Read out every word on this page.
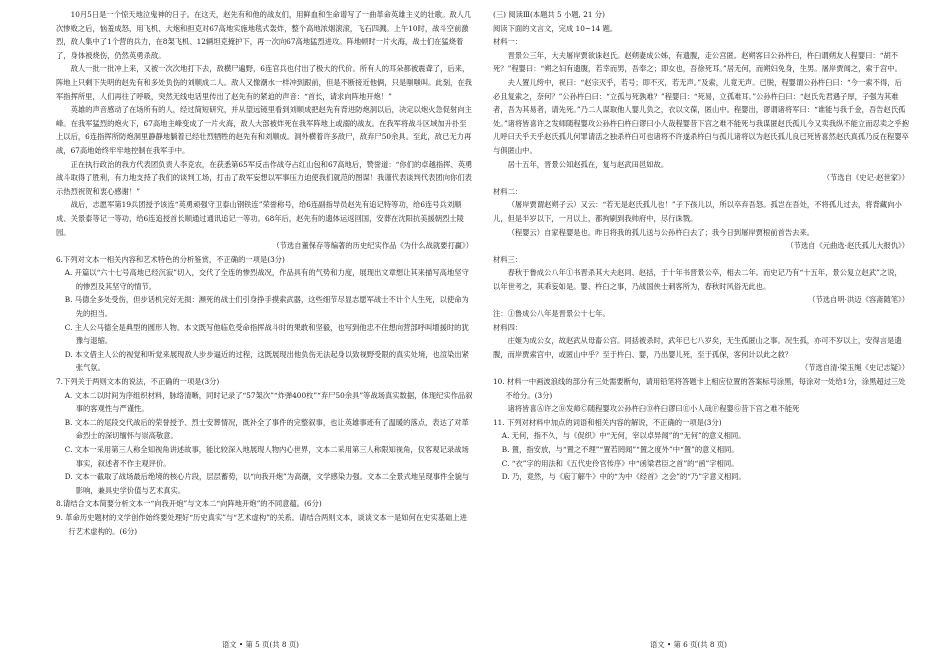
10月5日是一个惊天地泣鬼神的日子。在这天，赵先有和他的战友们，用鲜血和生命谱写了一曲革命英雄主义的壮歌。敌人几次惨败之后，恼羞成怒，用飞机、大炮和担克对67高地实施地毯式轰炸，整个高地浓烟滚滚，飞石四溅。上午10时，战斗空前激烈，敌人集中了1个营的兵力，在8架飞机、12辆坦克掩护下，再一次向67高地猛烈进攻。阵地顿时一片火海，战士们在猛烧着了，身体被烧伤，仍然英勇杀敌。

敌人一批一批冲上来，又被一次次地打下去，敌横尸遍野，6连官兵也付出了极大的代价。所有人的耳朵都被震聋了，后来，阵地上只剩下失明的赵先有和多处负伤的刘顺成二人。敌人又像潮水一样冲到跟前，但是不断接近他俩，只是嗤嗤叫。此刻，在我军指挥所里，人们再往了呼吸，突然无线电话里传出了赵先有的紧迫的声音：“首长，请求向阵地开炮！”

英雄的声音感动了在场所有的人，经过简短研究，并从望远镜里看到刘顺成把赵先有背进防炮洞以后，决定以炮火急促射向主峰。在我军猛烈的炮火下，67高地主峰变成了一片火海，敌人大部被炸死在我军阵地上或溺的战友。在我军将战斗区域加升扑至上以后，6连指挥所防炮洞里静静地躺着已经壮烈牺牲的赵先有和刘顺成。洞外横着许多敌尸，敌弃尸50余具。至此，敌已无力再战，67高地始终牢牢地控制在我军手中。

正在执行政治的我方代表团负责人李克农，在获悉第65军反击作战夺占红山包和67高地后，赞誉道：“你们的卓越指挥、英勇战斗取得了胜利，有力地支持了我们的谈判工场，打击了敌军妄想以军事压力迫使我们就范的图谋！我谨代表谈判代表团向你们表示热烈祝贺和衷心感谢！”

战后，志愿军第19兵团授予该连“英勇顽强守卫泰山钢铁连”荣誉称号，给6连副指导员赵先有追记特等功，给6连号兵刘顺成、关景泰等记一等功，给6连追授首长顺通过通讯追记一等功。68年后，赵先有的遗体运返回国，安葬在沈阳抗美援朝烈士陵园。

（节选自董保存等编著的历史纪实作品《为什么战就要打赢》）

6.下列对文本一相关内容和艺术特色的分析鉴赏，不正确的一项是(3分)

A. 开篇以“六十七号高地已经沉寂”切入，交代了全连的惨烈战况，作品具有的气势和力度，展现出文章想让其来描写高地坚守的惨烈及其坚守的情节。

B. 马德全多处受伤，但步话机完好无损：濒死的战士们引身挣手摸索武器，这些细节尽显志愿军战士不计个人生死，以使命为先的担当。

C. 主人公马德全是典型的圆形人物。本文既写他临危受命指挥战斗时的果敢和坚毅，也写到他忠不住想向营部呼叫增援时的犹豫与退缩。

D. 本文借主人公的视觉和听觉来展现敌人步步逼近的过程，这既展现出他负伤无法起身以致视野受限的真实处境，也渲染出紧张气氛。

7.下列关于两则文本的说法，不正确的一项是(3分)

A. 文本二以时间为序组织材料，脉络清晰，同时记录了“57架次”“炸弹400枚”“弃尸50余具”等战场真实数据，体现纪实作品叙事的客观性与严谨性。

B. 文本二的尾段交代战后的荣誉授予、烈士安葬情况，既补全了事件的完整叙事，也让英雄事迹有了温暖的落点，表达了对革命烈士的深切缅怀与崇高敬意。

C. 文本一采用第三人称全知视角讲述故事，能比较深入地展现人物内心世界，文本二采用第三人称限知视角，仅客观记录战场事实，叙述者不作主观评价。

D. 文本一截取了战场最后绝境的核心片段，层层蓄势，以“向我开炮”为高潮，文学感染力强。文本二全景式地呈现事件全貌与影响，兼具史学价值与艺术真实。

8.请结合文本简要分析文本一“向我开炮”与文本二“向阵地开炮”的不同意蕴。(6分)

9. 革命历史题材的文学创作始终要处理好“历史真实”与“艺术虚构”的关系。请结合两则文本，谈谈文本一是如何在史实基础上进行艺术虚构的。(6分)

语文 • 第 5 页(共 8 页)

(三) 阅读Ⅲ(本题共 5 小题, 21 分)

阅读下面的文言文，完成 10~14 题。

材料一：

晋景公三年，大夫屠岸贾欲诛赵氏。赵朔妻成公姊，有遗腹，走公宫匿。赵朔客曰公孙杵臼，杵臼谓朔友人程婴曰：“胡不死？”程婴曰：“朔之妇有遗腹，若幸而男，吾奉之；即女也，吾徐死耳。”居无何，而朔妇免身，生男。屠岸贾闻之，索于宫中。

夫人置儿绔中，祝曰：“赵宗灭乎，若号；即不灭，若无声。”及索，儿竟无声。已脱，程婴谓公孙杵臼曰：“今一索不得，后必且复索之，奈何？”公孙杵臼曰：“立孤与死孰难？”程婴曰：“死易，立孤难耳。”公孙杵臼曰：“赵氏先君遇子厚，子强为其难者，吾为其易者，请先死。”乃二人谋取他人婴儿负之，衣以文葆，匿山中。程婴出，谬谓诸将军曰：“谁能与我千金，吾告赵氏孤处。”诸将皆喜许之发师随程婴攻公孙杵臼杵臼谬曰小人哉程婴昔下宫之难不能死与我谋匿赵氏孤儿今又卖我纵不能立而忍卖之乎抱儿呼曰天乎天乎赵氏孤儿何罪请活之独杀杵臼可也诸将不许遂杀杵臼与孤儿诸将以为赵氏孤儿良已死皆喜然赵氏真孤乃反在程婴卒与俱匿山中。

居十五年，晋景公知赵孤在，复与赵武田邑如故。

（节选自《史记·赵世家》）

材料二：

（屠岸贾谓赵朔子云）又云：“若无是赵氏孤儿也！”子下孩儿以，所以卒弃吾怒。孤岂在吾处，不将孤儿过去，将背藏向小儿，但是半岁以下，一月以上，都拘刷到我帅府中，尽行诛戮。

（程婴云）自家程婴是也。昨日将我的孤儿送与公孙杵臼去了；我今日到屠岸贾根前首告去来。

（节选自《元曲选·赵氏孤儿大报仇》）

材料三：

春秋于鲁成公八年①书晋杀其大夫赵同、赵括，于十年书晋景公卒，相去二年。而史记乃有“十五年，景公复立赵武”之说，以年世考之，其乖妄如是。婴、杵臼之事，乃战国侠士刺客所为，春秋时风俗无此也。

（节选自明·洪迈《容斋随笔》）

注：①鲁成公八年是晋景公十七年。

材料四：

庄姬为成公女，故赵武从母畜公宫。同括被杀时，武年已七八岁矣，无生孤匿山之事。况生孤，亦可不岁以上，安得言是遗腹，而岸贾索宫中，或匿山中乎？至于杵臼、婴，乃出婴儿死，至于孤保，客何计以此之救？

（节选自清·梁玉绳《史记志疑》）

10. 材料一中画波浪线的部分有三处需要断句，请用铅笔将答题卡上相应位置的答案标号涂黑，每涂对一处给1分，涂黑超过三处不给分。(3分)

诸将皆喜Ⓐ许之Ⓑ发师Ⓒ随程婴攻公孙杵臼Ⓓ杵臼谬曰Ⓔ小人哉Ⓕ程婴Ⓖ昔下宫之难不能死

11. 下列对材料中加点的词语和相关内容的解说，不正确的一项是(3分)

A. 无何，指不久，与《促织》中“无何，宰以卓异闻”的“无何”的意义相同。

B. 置，指安放，与“置之不理”“置若罔闻”“置之度外”中“置”的意义相同。

C. “衣”字的用法和《五代史伶官传序》中“函梁君臣之首”的“函”字相同。

D. 乃，竟然，与《庖丁解牛》中的“为中《经首》之会”的“乃”字意义相同。

语文 • 第 6 页(共 8 页)
